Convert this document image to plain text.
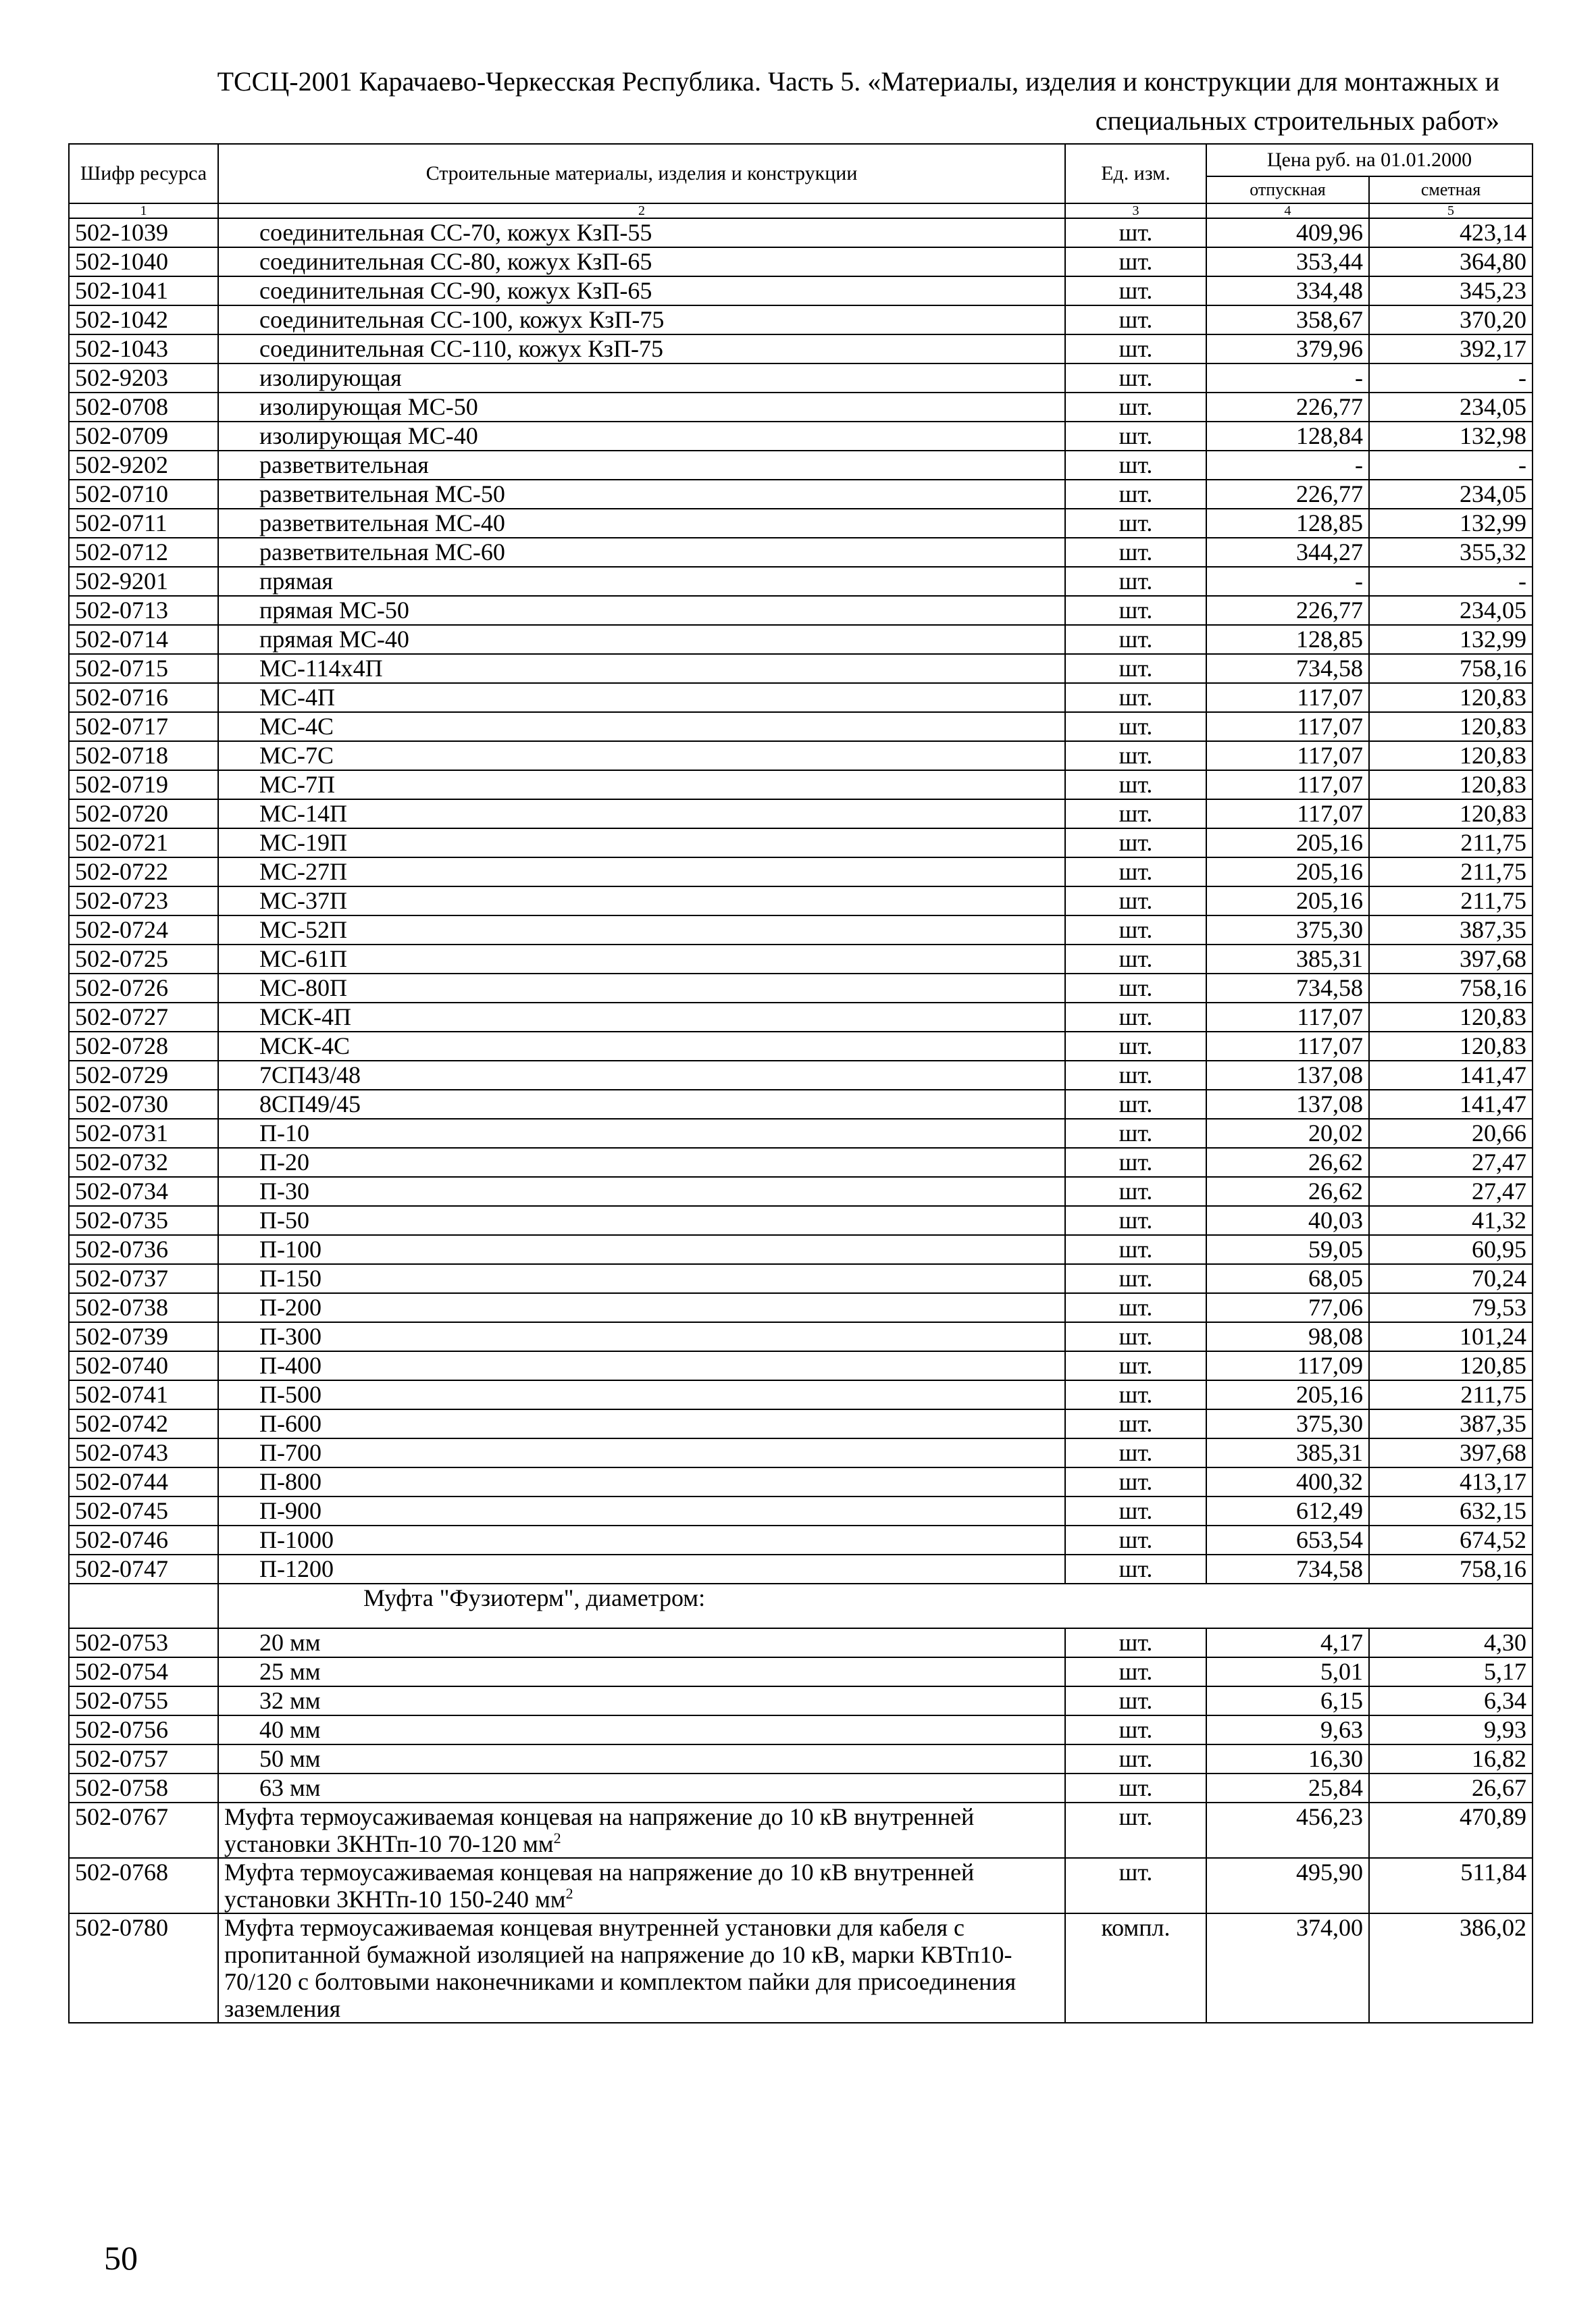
ТССЦ-2001 Карачаево-Черкесская Республика. Часть 5. «Материалы, изделия и конструкции для монтажных и
специальных строительных работ»
Шифр ресурса	Строительные материалы, изделия и конструкции	Ед. изм.	Цена руб. на 01.01.2000	
			отпускная	сметная
1	2	3	4	5
502-1039	соединительная СС-70, кожух КзП-55	шт.	409,96	423,14
502-1040	соединительная СС-80, кожух КзП-65	шт.	353,44	364,80
502-1041	соединительная СС-90, кожух КзП-65	шт.	334,48	345,23
502-1042	соединительная СС-100, кожух КзП-75	шт.	358,67	370,20
502-1043	соединительная СС-110, кожух КзП-75	шт.	379,96	392,17
502-9203	изолирующая	шт.	-	-
502-0708	изолирующая МС-50	шт.	226,77	234,05
502-0709	изолирующая МС-40	шт.	128,84	132,98
502-9202	разветвительная	шт.	-	-
502-0710	разветвительная МС-50	шт.	226,77	234,05
502-0711	разветвительная МС-40	шт.	128,85	132,99
502-0712	разветвительная МС-60	шт.	344,27	355,32
502-9201	прямая	шт.	-	-
502-0713	прямая МС-50	шт.	226,77	234,05
502-0714	прямая МС-40	шт.	128,85	132,99
502-0715	МС-114х4П	шт.	734,58	758,16
502-0716	МС-4П	шт.	117,07	120,83
502-0717	МС-4С	шт.	117,07	120,83
502-0718	МС-7С	шт.	117,07	120,83
502-0719	МС-7П	шт.	117,07	120,83
502-0720	МС-14П	шт.	117,07	120,83
502-0721	МС-19П	шт.	205,16	211,75
502-0722	МС-27П	шт.	205,16	211,75
502-0723	МС-37П	шт.	205,16	211,75
502-0724	МС-52П	шт.	375,30	387,35
502-0725	МС-61П	шт.	385,31	397,68
502-0726	МС-80П	шт.	734,58	758,16
502-0727	МСК-4П	шт.	117,07	120,83
502-0728	МСК-4С	шт.	117,07	120,83
502-0729	7СП43/48	шт.	137,08	141,47
502-0730	8СП49/45	шт.	137,08	141,47
502-0731	П-10	шт.	20,02	20,66
502-0732	П-20	шт.	26,62	27,47
502-0734	П-30	шт.	26,62	27,47
502-0735	П-50	шт.	40,03	41,32
502-0736	П-100	шт.	59,05	60,95
502-0737	П-150	шт.	68,05	70,24
502-0738	П-200	шт.	77,06	79,53
502-0739	П-300	шт.	98,08	101,24
502-0740	П-400	шт.	117,09	120,85
502-0741	П-500	шт.	205,16	211,75
502-0742	П-600	шт.	375,30	387,35
502-0743	П-700	шт.	385,31	397,68
502-0744	П-800	шт.	400,32	413,17
502-0745	П-900	шт.	612,49	632,15
502-0746	П-1000	шт.	653,54	674,52
502-0747	П-1200	шт.	734,58	758,16
	Муфта "Фузиотерм", диаметром:			
502-0753	20 мм	шт.	4,17	4,30
502-0754	25 мм	шт.	5,01	5,17
502-0755	32 мм	шт.	6,15	6,34
502-0756	40 мм	шт.	9,63	9,93
502-0757	50 мм	шт.	16,30	16,82
502-0758	63 мм	шт.	25,84	26,67
502-0767	Муфта термоусаживаемая концевая на напряжение до 10 кВ внутренней установки 3КНТп-10 70-120 $мм^2$	шт.	456,23	470,89
502-0768	Муфта термоусаживаемая концевая на напряжение до 10 кВ внутренней установки 3КНТп-10 150-240 $мм^2$	шт.	495,90	511,84
502-0780	Муфта термоусаживаемая концевая внутренней установки для кабеля с пропитанной бумажной изоляцией на напряжение до 10 кВ, марки КВТп10-70/120 с болтовыми наконечниками и комплектом пайки для присоединения заземления	компл.	374,00	386,02
50
